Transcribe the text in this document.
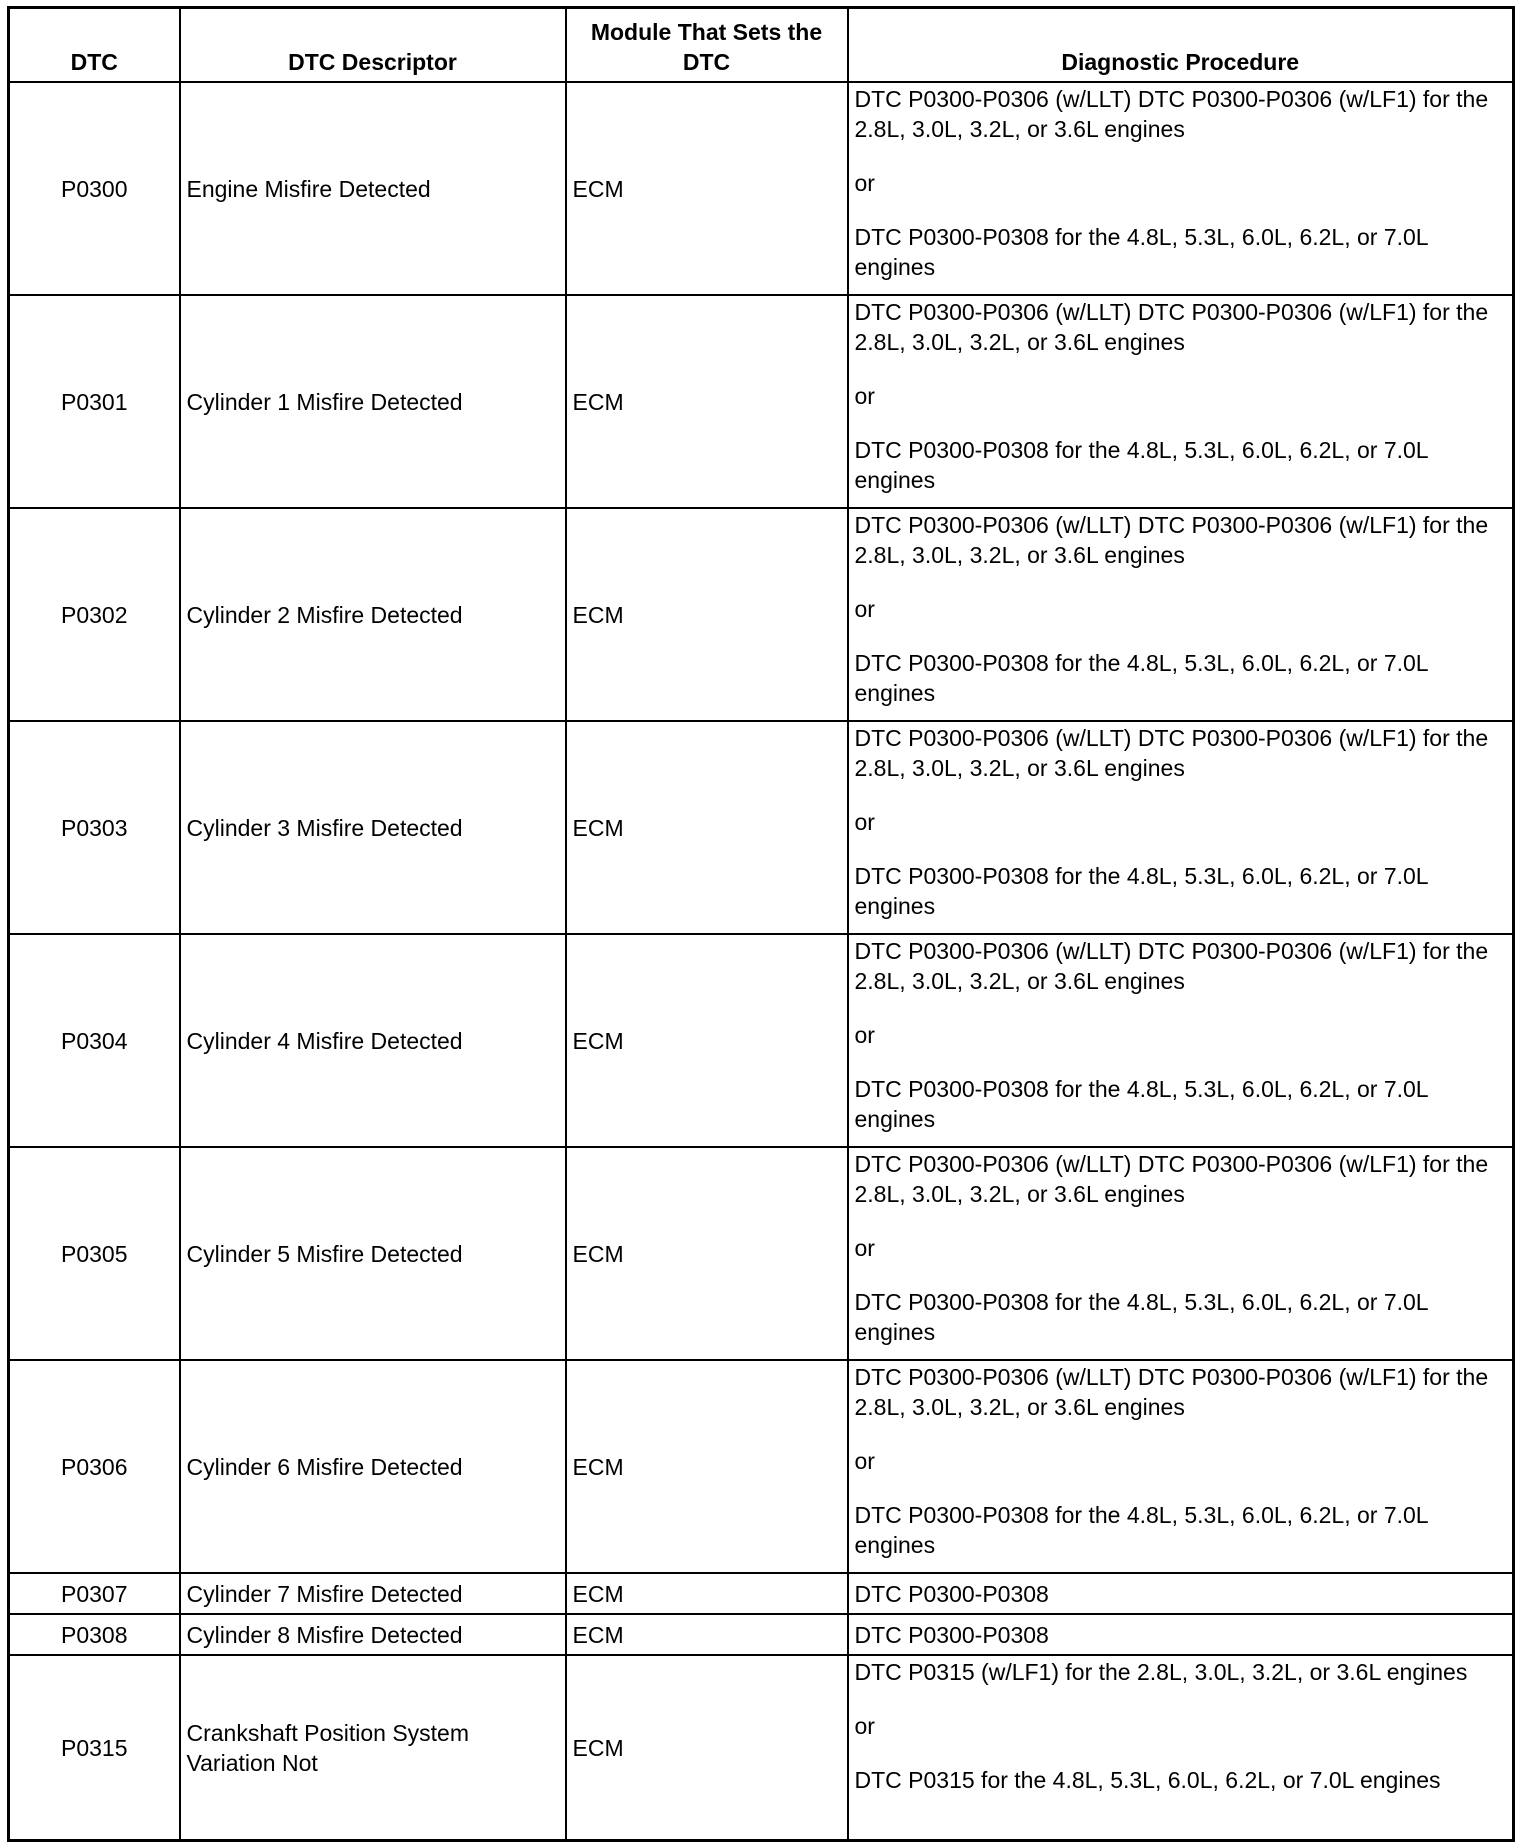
DTC	DTC Descriptor	Module That Sets the DTC	Diagnostic Procedure
P0300	Engine Misfire Detected	ECM	DTC P0300-P0306 (w/LLT) DTC P0300-P0306 (w/LF1) for the 2.8L, 3.0L, 3.2L, or 3.6L engines

or

DTC P0300-P0308 for the 4.8L, 5.3L, 6.0L, 6.2L, or 7.0L engines

P0301	Cylinder 1 Misfire Detected	ECM	DTC P0300-P0306 (w/LLT) DTC P0300-P0306 (w/LF1) for the 2.8L, 3.0L, 3.2L, or 3.6L engines

or

DTC P0300-P0308 for the 4.8L, 5.3L, 6.0L, 6.2L, or 7.0L engines

P0302	Cylinder 2 Misfire Detected	ECM	DTC P0300-P0306 (w/LLT) DTC P0300-P0306 (w/LF1) for the 2.8L, 3.0L, 3.2L, or 3.6L engines

or

DTC P0300-P0308 for the 4.8L, 5.3L, 6.0L, 6.2L, or 7.0L engines

P0303	Cylinder 3 Misfire Detected	ECM	DTC P0300-P0306 (w/LLT) DTC P0300-P0306 (w/LF1) for the 2.8L, 3.0L, 3.2L, or 3.6L engines

or

DTC P0300-P0308 for the 4.8L, 5.3L, 6.0L, 6.2L, or 7.0L engines

P0304	Cylinder 4 Misfire Detected	ECM	DTC P0300-P0306 (w/LLT) DTC P0300-P0306 (w/LF1) for the 2.8L, 3.0L, 3.2L, or 3.6L engines

or

DTC P0300-P0308 for the 4.8L, 5.3L, 6.0L, 6.2L, or 7.0L engines

P0305	Cylinder 5 Misfire Detected	ECM	DTC P0300-P0306 (w/LLT) DTC P0300-P0306 (w/LF1) for the 2.8L, 3.0L, 3.2L, or 3.6L engines

or

DTC P0300-P0308 for the 4.8L, 5.3L, 6.0L, 6.2L, or 7.0L engines

P0306	Cylinder 6 Misfire Detected	ECM	DTC P0300-P0306 (w/LLT) DTC P0300-P0306 (w/LF1) for the 2.8L, 3.0L, 3.2L, or 3.6L engines

or

DTC P0300-P0308 for the 4.8L, 5.3L, 6.0L, 6.2L, or 7.0L engines

P0307	Cylinder 7 Misfire Detected	ECM	DTC P0300-P0308
P0308	Cylinder 8 Misfire Detected	ECM	DTC P0300-P0308
P0315	Crankshaft Position System Variation Not	ECM	DTC P0315 (w/LF1) for the 2.8L, 3.0L, 3.2L, or 3.6L engines

or

DTC P0315 for the 4.8L, 5.3L, 6.0L, 6.2L, or 7.0L engines
